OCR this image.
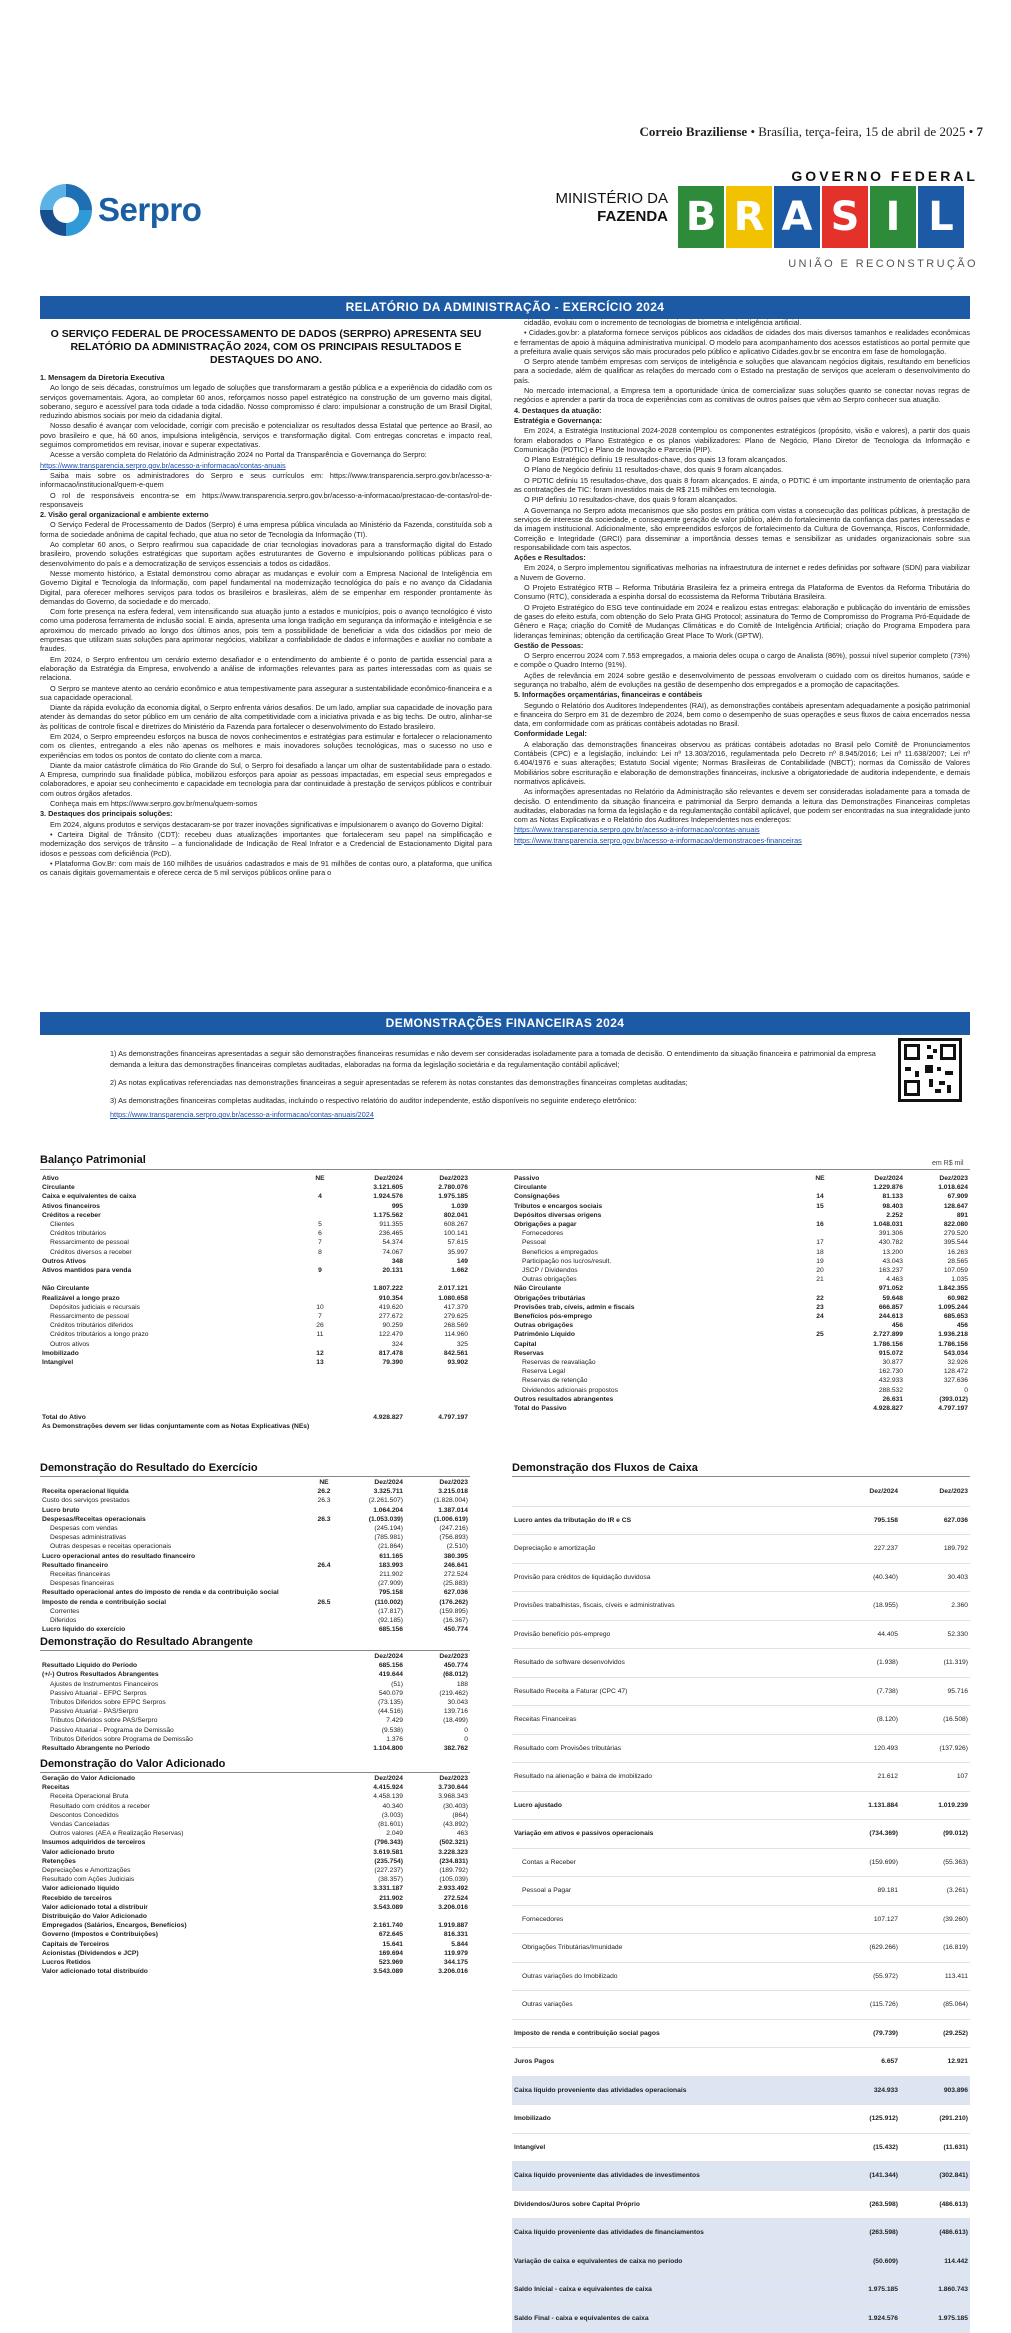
Correio Braziliense • Brasília, terça-feira, 15 de abril de 2025 • 7
Serpro	MINISTÉRIO DA
FAZENDA
GOVERNO FEDERAL
B R A S I L
UNIÃO E RECONSTRUÇÃO
RELATÓRIO DA ADMINISTRAÇÃO - EXERCÍCIO 2024
O SERVIÇO FEDERAL DE PROCESSAMENTO DE DADOS (SERPRO) APRESENTA SEU RELATÓRIO DA ADMINISTRAÇÃO 2024, COM OS PRINCIPAIS RESULTADOS E DESTAQUES DO ANO.

1. Mensagem da Diretoria Executiva

Ao longo de seis décadas, construímos um legado de soluções que transformaram a gestão pública e a experiência do cidadão com os serviços governamentais. Agora, ao completar 60 anos, reforçamos nosso papel estratégico na construção de um governo mais digital, soberano, seguro e acessível para toda cidade a toda cidadão. Nosso compromisso é claro: impulsionar a construção de um Brasil Digital, reduzindo abismos sociais por meio da cidadania digital.

Nosso desafio é avançar com velocidade, corrigir com precisão e potencializar os resultados dessa Estatal que pertence ao Brasil, ao povo brasileiro e que, há 60 anos, impulsiona inteligência, serviços e transformação digital. Com entregas concretas e impacto real, seguimos comprometidos em revisar, inovar e superar expectativas.

Acesse a versão completa do Relatório da Administração 2024 no Portal da Transparência e Governança do Serpro:

https://www.transparencia.serpro.gov.br/acesso-a-informacao/contas-anuais

Saiba mais sobre os administradores do Serpro e seus currículos em: https://www.transparencia.serpro.gov.br/acesso-a-informacao/institucional/quem-e-quem

O rol de responsáveis encontra-se em https://www.transparencia.serpro.gov.br/acesso-a-informacao/prestacao-de-contas/rol-de-responsaveis

2. Visão geral organizacional e ambiente externo

O Serviço Federal de Processamento de Dados (Serpro) é uma empresa pública vinculada ao Ministério da Fazenda, constituída sob a forma de sociedade anônima de capital fechado, que atua no setor de Tecnologia da Informação (TI).

Ao completar 60 anos, o Serpro reafirmou sua capacidade de criar tecnologias inovadoras para a transformação digital do Estado brasileiro, provendo soluções estratégicas que suportam ações estruturantes de Governo e impulsionando políticas públicas para o desenvolvimento do país e a democratização de serviços essenciais a todos os cidadãos.

Nesse momento histórico, a Estatal demonstrou como abraçar as mudanças e evoluir com a Empresa Nacional de Inteligência em Governo Digital e Tecnologia da Informação, com papel fundamental na modernização tecnológica do país e no avanço da Cidadania Digital, para oferecer melhores serviços para todos os brasileiros e brasileiras, além de se empenhar em responder prontamente às demandas do Governo, da sociedade e do mercado.

Com forte presença na esfera federal, vem intensificando sua atuação junto a estados e municípios, pois o avanço tecnológico é visto como uma poderosa ferramenta de inclusão social. E ainda, apresenta uma longa tradição em segurança da informação e inteligência e se aproximou do mercado privado ao longo dos últimos anos, pois tem a possibilidade de beneficiar a vida dos cidadãos por meio de empresas que utilizam suas soluções para aprimorar negócios, viabilizar a confiabilidade de dados e informações e auxiliar no combate a fraudes.

Em 2024, o Serpro enfrentou um cenário externo desafiador e o entendimento do ambiente é o ponto de partida essencial para a elaboração da Estratégia da Empresa, envolvendo a análise de informações relevantes para as partes interessadas com as quais se relaciona.

O Serpro se manteve atento ao cenário econômico e atua tempestivamente para assegurar a sustentabilidade econômico-financeira e a sua capacidade operacional.

Diante da rápida evolução da economia digital, o Serpro enfrenta vários desafios. De um lado, ampliar sua capacidade de inovação para atender às demandas do setor público em um cenário de alta competitividade com a iniciativa privada e as big techs. De outro, alinhar-se às políticas de controle fiscal e diretrizes do Ministério da Fazenda para fortalecer o desenvolvimento do Estado brasileiro.

Em 2024, o Serpro empreendeu esforços na busca de novos conhecimentos e estratégias para estimular e fortalecer o relacionamento com os clientes, entregando a eles não apenas os melhores e mais inovadores soluções tecnológicas, mas o sucesso no uso e experiências em todos os pontos de contato do cliente com a marca.

Diante da maior catástrofe climática do Rio Grande do Sul, o Serpro foi desafiado a lançar um olhar de sustentabilidade para o estado. A Empresa, cumprindo sua finalidade pública, mobilizou esforços para apoiar as pessoas impactadas, em especial seus empregados e colaboradores, e apoiar seu conhecimento e capacidade em tecnologia para dar continuidade à prestação de serviços públicos e contribuir com outros órgãos afetados.

Conheça mais em https://www.serpro.gov.br/menu/quem-somos

3. Destaques dos principais soluções:

Em 2024, alguns produtos e serviços destacaram-se por trazer inovações significativas e impulsionarem o avanço do Governo Digital:

• Carteira Digital de Trânsito (CDT): recebeu duas atualizações importantes que fortaleceram seu papel na simplificação e modernização dos serviços de trânsito – a funcionalidade de Indicação de Real Infrator e a Credencial de Estacionamento Digital para idosos e pessoas com deficiência (PcD).

• Plataforma Gov.Br: com mais de 160 milhões de usuários cadastrados e mais de 91 milhões de contas ouro, a plataforma, que unifica os canais digitais governamentais e oferece cerca de 5 mil serviços públicos online para o

cidadão, evoluiu com o incremento de tecnologias de biometria e inteligência artificial.

• Cidades.gov.br: a plataforma fornece serviços públicos aos cidadãos de cidades dos mais diversos tamanhos e realidades econômicas e ferramentas de apoio à máquina administrativa municipal. O modelo para acompanhamento dos acessos estatísticos ao portal permite que a prefeitura avalie quais serviços são mais procurados pelo público e aplicativo Cidades.gov.br se encontra em fase de homologação.

O Serpro atende também empresas com serviços de inteligência e soluções que alavancam negócios digitais, resultando em benefícios para a sociedade, além de qualificar as relações do mercado com o Estado na prestação de serviços que aceleram o desenvolvimento do país.

No mercado internacional, a Empresa tem a oportunidade única de comercializar suas soluções quanto se conectar novas regras de negócios e aprender a partir da troca de experiências com as comitivas de outros países que vêm ao Serpro conhecer sua atuação.

4. Destaques da atuação:

Estratégia e Governança:

Em 2024, a Estratégia Institucional 2024-2028 contemplou os componentes estratégicos (propósito, visão e valores), a partir dos quais foram elaborados o Plano Estratégico e os planos viabilizadores: Plano de Negócio, Plano Diretor de Tecnologia da Informação e Comunicação (PDTIC) e Plano de Inovação e Parceria (PIP).

O Plano Estratégico definiu 19 resultados-chave, dos quais 13 foram alcançados.

O Plano de Negócio definiu 11 resultados-chave, dos quais 9 foram alcançados.

O PDTIC definiu 15 resultados-chave, dos quais 8 foram alcançados. E ainda, o PDTIC é um importante instrumento de orientação para as contratações de TIC: foram investidos mais de R$ 215 milhões em tecnologia.

O PIP definiu 10 resultados-chave, dos quais 9 foram alcançados.

A Governança no Serpro adota mecanismos que são postos em prática com vistas a consecução das políticas públicas, à prestação de serviços de interesse da sociedade, e consequente geração de valor público, além do fortalecimento da confiança das partes interessadas e da imagem institucional. Adicionalmente, são empreendidos esforços de fortalecimento da Cultura de Governança, Riscos, Conformidade, Correição e Integridade (GRCI) para disseminar a importância desses temas e sensibilizar as unidades organizacionais sobre sua responsabilidade com tais aspectos.

Ações e Resultados:

Em 2024, o Serpro implementou significativas melhorias na infraestrutura de internet e redes definidas por software (SDN) para viabilizar a Nuvem de Governo.

O Projeto Estratégico RTB – Reforma Tributária Brasileira fez a primeira entrega da Plataforma de Eventos da Reforma Tributária do Consumo (RTC), considerada a espinha dorsal do ecossistema da Reforma Tributária Brasileira.

O Projeto Estratégico do ESG teve continuidade em 2024 e realizou estas entregas: elaboração e publicação do inventário de emissões de gases do efeito estufa, com obtenção do Selo Prata GHG Protocol; assinatura do Termo de Compromisso do Programa Pró-Equidade de Gênero e Raça; criação do Comitê de Mudanças Climáticas e do Comitê de Inteligência Artificial; criação do Programa Empodera para lideranças femininas; obtenção da certificação Great Place To Work (GPTW).

Gestão de Pessoas:

O Serpro encerrou 2024 com 7.553 empregados, a maioria deles ocupa o cargo de Analista (86%), possui nível superior completo (73%) e compõe o Quadro Interno (91%).

Ações de relevância em 2024 sobre gestão e desenvolvimento de pessoas envolveram o cuidado com os direitos humanos, saúde e segurança no trabalho, além de evoluções na gestão de desempenho dos empregados e a promoção de capacitações.

5. Informações orçamentárias, financeiras e contábeis

Segundo o Relatório dos Auditores Independentes (RAI), as demonstrações contábeis apresentam adequadamente a posição patrimonial e financeira do Serpro em 31 de dezembro de 2024, bem como o desempenho de suas operações e seus fluxos de caixa encerrados nessa data, em conformidade com as práticas contábeis adotadas no Brasil.

Conformidade Legal:

A elaboração das demonstrações financeiras observou as práticas contábeis adotadas no Brasil pelo Comitê de Pronunciamentos Contábeis (CPC) e a legislação, incluindo: Lei nº 13.303/2016, regulamentada pelo Decreto nº 8.945/2016; Lei nº 11.638/2007; Lei nº 6.404/1976 e suas alterações; Estatuto Social vigente; Normas Brasileiras de Contabilidade (NBCT); normas da Comissão de Valores Mobiliários sobre escrituração e elaboração de demonstrações financeiras, inclusive a obrigatoriedade de auditoria independente, e demais normativos aplicáveis.

As informações apresentadas no Relatório da Administração são relevantes e devem ser consideradas isoladamente para a tomada de decisão. O entendimento da situação financeira e patrimonial da Serpro demanda a leitura das Demonstrações Financeiras completas auditadas, elaboradas na forma da legislação e da regulamentação contábil aplicável, que podem ser encontradas na sua integralidade junto com as Notas Explicativas e o Relatório dos Auditores Independentes nos endereços:

https://www.transparencia.serpro.gov.br/acesso-a-informacao/contas-anuais

https://www.transparencia.serpro.gov.br/acesso-a-informacao/demonstracoes-financeiras

DEMONSTRAÇÕES FINANCEIRAS 2024

1) As demonstrações financeiras apresentadas a seguir são demonstrações financeiras resumidas e não devem ser consideradas isoladamente para a tomada de decisão. O entendimento da situação financeira e patrimonial da empresa demanda a leitura das demonstrações financeiras completas auditadas, elaboradas na forma da legislação societária e da regulamentação contábil aplicável;

2) As notas explicativas referenciadas nas demonstrações financeiras a seguir apresentadas se referem às notas constantes das demonstrações financeiras completas auditadas;

3) As demonstrações financeiras completas auditadas, incluindo o respectivo relatório do auditor independente, estão disponíveis no seguinte endereço eletrônico:

https://www.transparencia.serpro.gov.br/acesso-a-informacao/contas-anuais/2024

Balanço Patrimonial	em R$ mil
Ativo	NE	Dez/2024	Dez/2023
Circulante		3.121.605	2.780.076
Caixa e equivalentes de caixa	4	1.924.576	1.975.185
Ativos financeiros		995	1.039
Créditos a receber		1.175.562	802.041
Clientes	5	911.355	608.267
Créditos tributários	6	236.465	100.141
Ressarcimento de pessoal	7	54.374	57.615
Créditos diversos a receber	8	74.067	35.997
Outros Ativos		348	149
Ativos mantidos para venda	9	20.131	1.662

Não Circulante		1.807.222	2.017.121
Realizável a longo prazo		910.354	1.080.658
Depósitos judiciais e recursais	10	419.620	417.379
Ressarcimento de pessoal	7	277.672	279.625
Créditos tributários diferidos	26	90.259	268.569
Créditos tributários a longo prazo	11	122.479	114.960
Outros ativos		324	325
Imobilizado	12	817.478	842.561
Intangível	13	79.390	93.902

Total do Ativo		4.928.827	4.797.197
As Demonstrações devem ser lidas conjuntamente com as Notas Explicativas (NEs)			
Passivo	NE	Dez/2024	Dez/2023
Circulante		1.229.876	1.018.624
Consignações	14	81.133	67.909
Tributos e encargos sociais	15	98.403	128.647
Depósitos diversas origens		2.252	891
Obrigações a pagar	16	1.048.031	822.080
Fornecedores		391.306	279.520
Pessoal	17	430.782	395.544
Benefícios a empregados	18	13.200	16.263
Participação nos lucros/result.	19	43.043	28.565
JSCP / Dividendos	20	163.237	107.059
Outras obrigações	21	4.463	1.035
Não Circulante		971.052	1.842.355
Obrigações tributárias	22	59.648	60.982
Provisões trab, cíveis, admin e fiscais	23	666.857	1.095.244
Benefícios pós-emprego	24	244.613	685.653
Outras obrigações		456	456
Patrimônio Líquido	25	2.727.899	1.936.218
Capital		1.786.156	1.786.156
Reservas		915.072	543.034
Reservas de reavaliação		30.877	32.926
Reserva Legal		162.730	128.472
Reservas de retenção		432.933	327.636
Dividendos adicionais propostos		288.532	0
Outros resultados abrangentes		26.631	(393.012)
Total do Passivo		4.928.827	4.797.197
Demonstração do Resultado do Exercício
	NE	Dez/2024	Dez/2023
Receita operacional líquida	26.2	3.325.711	3.215.018
Custo dos serviços prestados	26.3	(2.261.507)	(1.828.004)
Lucro bruto		1.064.204	1.387.014
Despesas/Receitas operacionais	26.3	(1.053.039)	(1.006.619)
Despesas com vendas		(245.194)	(247.216)
Despesas administrativas		(785.981)	(756.893)
Outras despesas e receitas operacionais		(21.864)	(2.510)
Lucro operacional antes do resultado financeiro		611.165	380.395
Resultado financeiro	26.4	183.993	246.641
Receitas financeiras		211.902	272.524
Despesas financeiras		(27.909)	(25.883)
Resultado operacional antes do imposto de renda e da contribuição social		795.158	627.036
Imposto de renda e contribuição social	26.5	(110.002)	(176.262)
Correntes		(17.817)	(159.895)
Diferidos		(92.185)	(16.367)
Lucro líquido do exercício		685.156	450.774
Demonstração do Resultado Abrangente
	Dez/2024	Dez/2023
Resultado Líquido do Período	685.156	450.774
(+/-) Outros Resultados Abrangentes	419.644	(68.012)
Ajustes de Instrumentos Financeiros	(51)	188
Passivo Atuarial - EFPC Serpros	540.079	(219.462)
Tributos Diferidos sobre EFPC Serpros	(73.135)	30.043
Passivo Atuarial - PAS/Serpro	(44.516)	139.716
Tributos Diferidos sobre PAS/Serpro	7.429	(18.499)
Passivo Atuarial - Programa de Demissão	(9.538)	0
Tributos Diferidos sobre Programa de Demissão	1.376	0
Resultado Abrangente no Período	1.104.800	382.762
Demonstração do Valor Adicionado
Geração do Valor Adicionado	Dez/2024	Dez/2023
Receitas	4.415.924	3.730.644
Receita Operacional Bruta	4.458.139	3.968.343
Resultado com créditos a receber	40.340	(30.403)
Descontos Concedidos	(3.003)	(864)
Vendas Canceladas	(81.601)	(43.892)
Outros valores (AEA e Realização Reservas)	2.049	463
Insumos adquiridos de terceiros	(796.343)	(502.321)
Valor adicionado bruto	3.619.581	3.228.323
Retenções	(235.754)	(234.831)
Depreciações e Amortizações	(227.237)	(189.792)
Resultado com Ações Judiciais	(38.357)	(105.039)
Valor adicionado líquido	3.331.187	2.933.492
Recebido de terceiros	211.902	272.524
Valor adicionado total a distribuir	3.543.089	3.206.016
Distribuição do Valor Adicionado		
Empregados (Salários, Encargos, Benefícios)	2.161.740	1.919.887
Governo (Impostos e Contribuições)	672.645	816.331
Capitais de Terceiros	15.641	5.844
Acionistas (Dividendos e JCP)	169.694	119.979
Lucros Retidos	523.969	344.175
Valor adicionado total distribuído	3.543.089	3.206.016
Demonstração dos Fluxos de Caixa
	Dez/2024	Dez/2023
Lucro antes da tributação do IR e CS	795.158	627.036
Depreciação e amortização	227.237	189.792
Provisão para créditos de liquidação duvidosa	(40.340)	30.403
Provisões trabalhistas, fiscais, cíveis e administrativas	(18.955)	2.360
Provisão benefício pós-emprego	44.405	52.330
Resultado de software desenvolvidos	(1.938)	(11.319)
Resultado Receita a Faturar (CPC 47)	(7.738)	95.716
Receitas Financeiras	(8.120)	(16.508)
Resultado com Provisões tributárias	120.493	(137.926)
Resultado na alienação e baixa de imobilizado	21.612	107
Lucro ajustado	1.131.884	1.019.239
Variação em ativos e passivos operacionais	(734.369)	(99.012)
Contas a Receber	(159.699)	(55.363)
Pessoal a Pagar	89.181	(3.261)
Fornecedores	107.127	(39.260)
Obrigações Tributárias/Imunidade	(629.266)	(16.819)
Outras variações do Imobilizado	(55.972)	113.411
Outras variações	(115.726)	(85.064)
Imposto de renda e contribuição social pagos	(79.739)	(29.252)
Juros Pagos	6.657	12.921
Caixa líquido proveniente das atividades operacionais	324.933	903.896
Imobilizado	(125.912)	(291.210)
Intangível	(15.432)	(11.631)
Caixa líquido proveniente das atividades de investimentos	(141.344)	(302.841)
Dividendos/Juros sobre Capital Próprio	(263.598)	(486.613)
Caixa líquido proveniente das atividades de financiamentos	(263.598)	(486.613)
Variação de caixa e equivalentes de caixa no período	(50.609)	114.442
Saldo Inicial - caixa e equivalentes de caixa	1.975.185	1.860.743
Saldo Final - caixa e equivalentes de caixa	1.924.576	1.975.185
